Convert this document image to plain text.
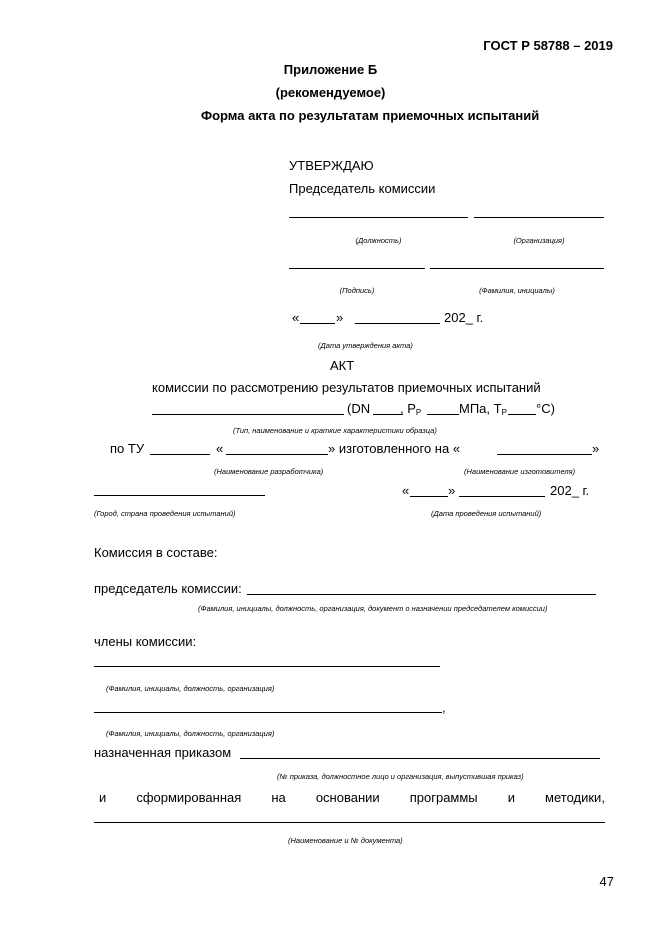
ГОСТ Р 58788 – 2019
Приложение Б
(рекомендуемое)
Форма акта по результатам приемочных испытаний
УТВЕРЖДАЮ
Председатель комиссии
(Должность)	(Организация)
(Подпись)	(Фамилия, инициалы)
«	»	202_ г.
(Дата утверждения акта)
АКТ
комиссии по рассмотрению результатов приемочных испытаний
(DN , $P_P$	МПа, $T_P$ °C)
(Тип, наименование и краткие характеристики образца)
по ТУ	«	» изготовленного на «	»
(Наименование разработчика)	(Наименование изготовителя)
«	»	202_ г.
(Город, страна проведения испытаний)	(Дата проведения испытаний)
Комиссия в составе:
председатель комиссии:
(Фамилия, инициалы, должность, организация, документ о назначении председателем комиссии)
члены комиссии:
(Фамилия, инициалы, должность, организация)
,
(Фамилия, инициалы, должность, организация)
назначенная приказом
(№ приказа, должностное лицо и организация, выпустившая приказ)
и сформированная на основании программы и методики,
(Наименование и № документа)
47
